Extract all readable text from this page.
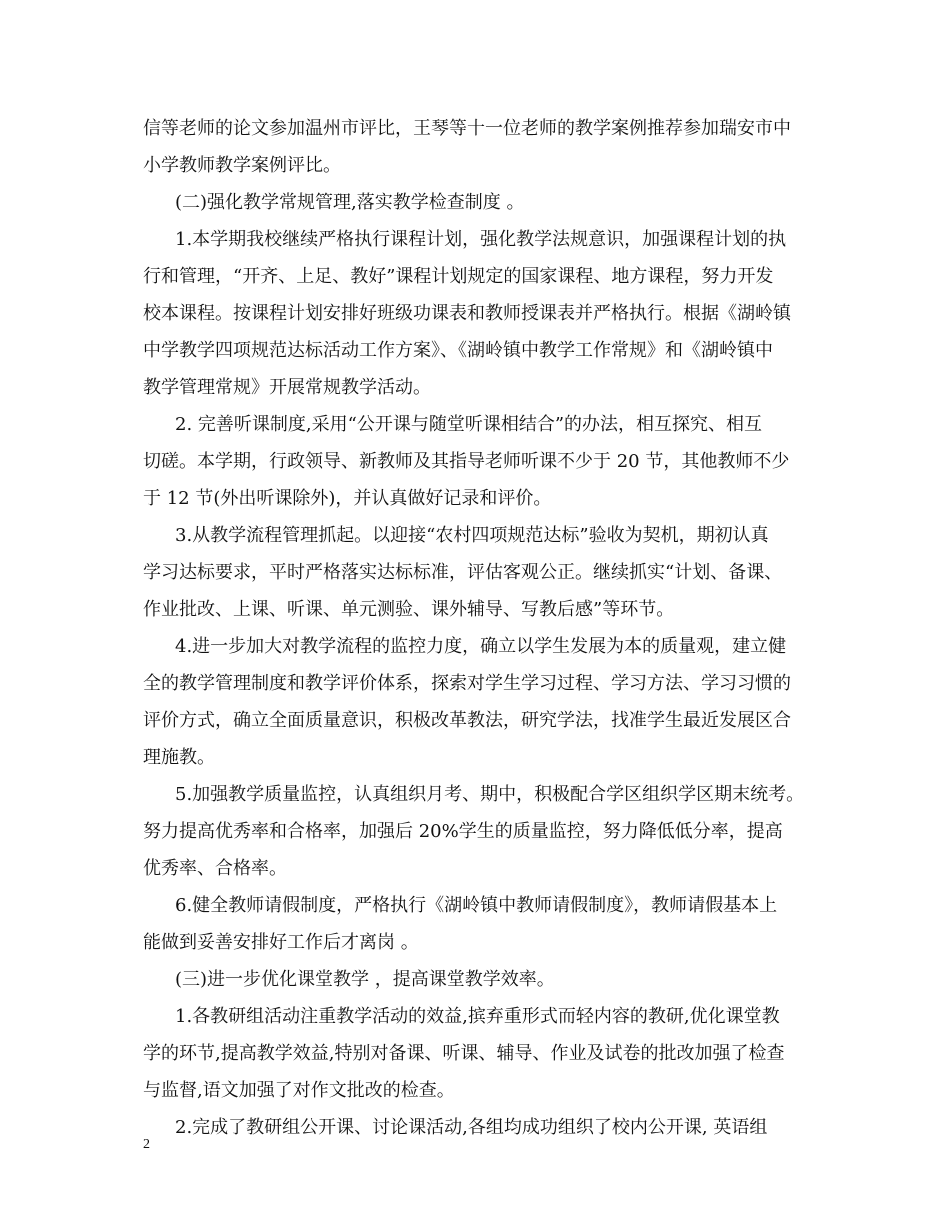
信等老师的论文参加温州市评比，王琴等十一位老师的教学案例推荐参加瑞安市中
小学教师教学案例评比。
(二)强化教学常规管理,落实教学检查制度 。
1.本学期我校继续严格执行课程计划，强化教学法规意识，加强课程计划的执
行和管理，“开齐、上足、教好”课程计划规定的国家课程、地方课程，努力开发
校本课程。按课程计划安排好班级功课表和教师授课表并严格执行。根据《湖岭镇
中学教学四项规范达标活动工作方案》、《湖岭镇中教学工作常规》和《湖岭镇中
教学管理常规》开展常规教学活动。
2. 完善听课制度,采用“公开课与随堂听课相结合”的办法，相互探究、相互
切磋。本学期，行政领导、新教师及其指导老师听课不少于 20 节，其他教师不少
于 12 节(外出听课除外)，并认真做好记录和评价。
3.从教学流程管理抓起。以迎接“农村四项规范达标”验收为契机，期初认真
学习达标要求，平时严格落实达标标准，评估客观公正。继续抓实“计划、备课、
作业批改、上课、听课、单元测验、课外辅导、写教后感”等环节。
4.进一步加大对教学流程的监控力度，确立以学生发展为本的质量观，建立健
全的教学管理制度和教学评价体系，探索对学生学习过程、学习方法、学习习惯的
评价方式，确立全面质量意识，积极改革教法，研究学法，找准学生最近发展区合
理施教。
5.加强教学质量监控，认真组织月考、期中，积极配合学区组织学区期末统考。
努力提高优秀率和合格率，加强后 20%学生的质量监控，努力降低低分率，提高
优秀率、合格率。
6.健全教师请假制度，严格执行《湖岭镇中教师请假制度》，教师请假基本上
能做到妥善安排好工作后才离岗 。
(三)进一步优化课堂教学 ，提高课堂教学效率。
1.各教研组活动注重教学活动的效益,摈弃重形式而轻内容的教研,优化课堂教
学的环节,提高教学效益,特别对备课、听课、辅导、作业及试卷的批改加强了检查
与监督,语文加强了对作文批改的检查。
2.完成了教研组公开课、讨论课活动,各组均成功组织了校内公开课, 英语组
2
